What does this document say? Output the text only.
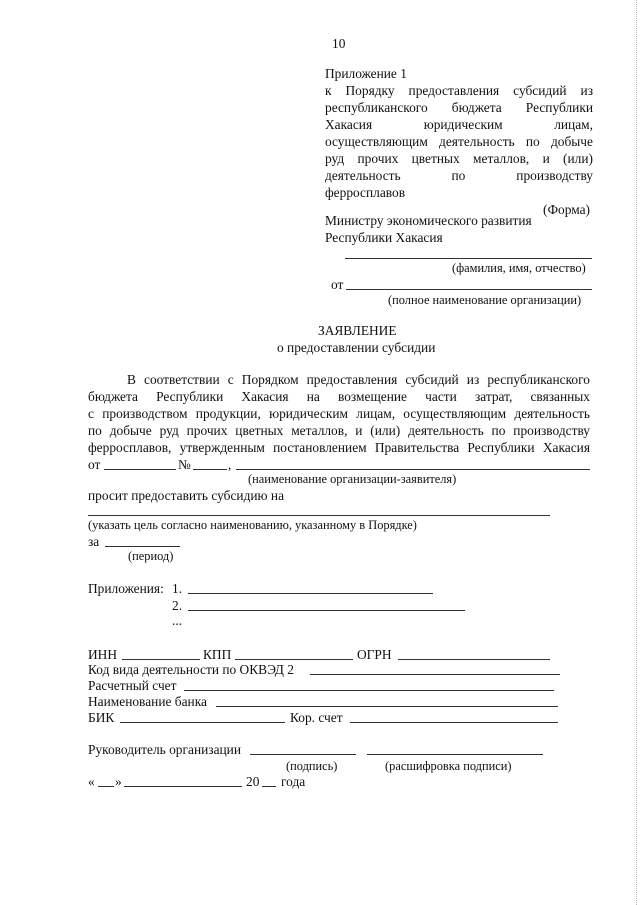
10
Приложение 1
к Порядку предоставления субсидий из
республиканского бюджета Республики
Хакасия юридическим лицам,
осуществляющим деятельность по добыче
руд прочих цветных металлов, и (или)
деятельность по производству
ферросплавов
(Форма)
Министру экономического развития
Республики Хакасия
(фамилия, имя, отчество)
от
(полное наименование организации)
ЗАЯВЛЕНИЕ
о предоставлении субсидии
В соответствии с Порядком предоставления субсидий из республиканского
бюджета Республики Хакасия на возмещение части затрат, связанных
с производством продукции, юридическим лицам, осуществляющим деятельность
по добыче руд прочих цветных металлов, и (или) деятельность по производству
ферросплавов, утвержденным постановлением Правительства Республики Хакасия
от	№	,
(наименование организации-заявителя)
просит предоставить субсидию на
(указать цель согласно наименованию, указанному в Порядке)
за
(период)
Приложения: 1.
2.
...
ИНН	КПП	ОГРН
Код вида деятельности по ОКВЭД 2
Расчетный счет
Наименование банка
БИК	Кор. счет
Руководитель организации
(подпись)	(расшифровка подписи)
« »	20 года
